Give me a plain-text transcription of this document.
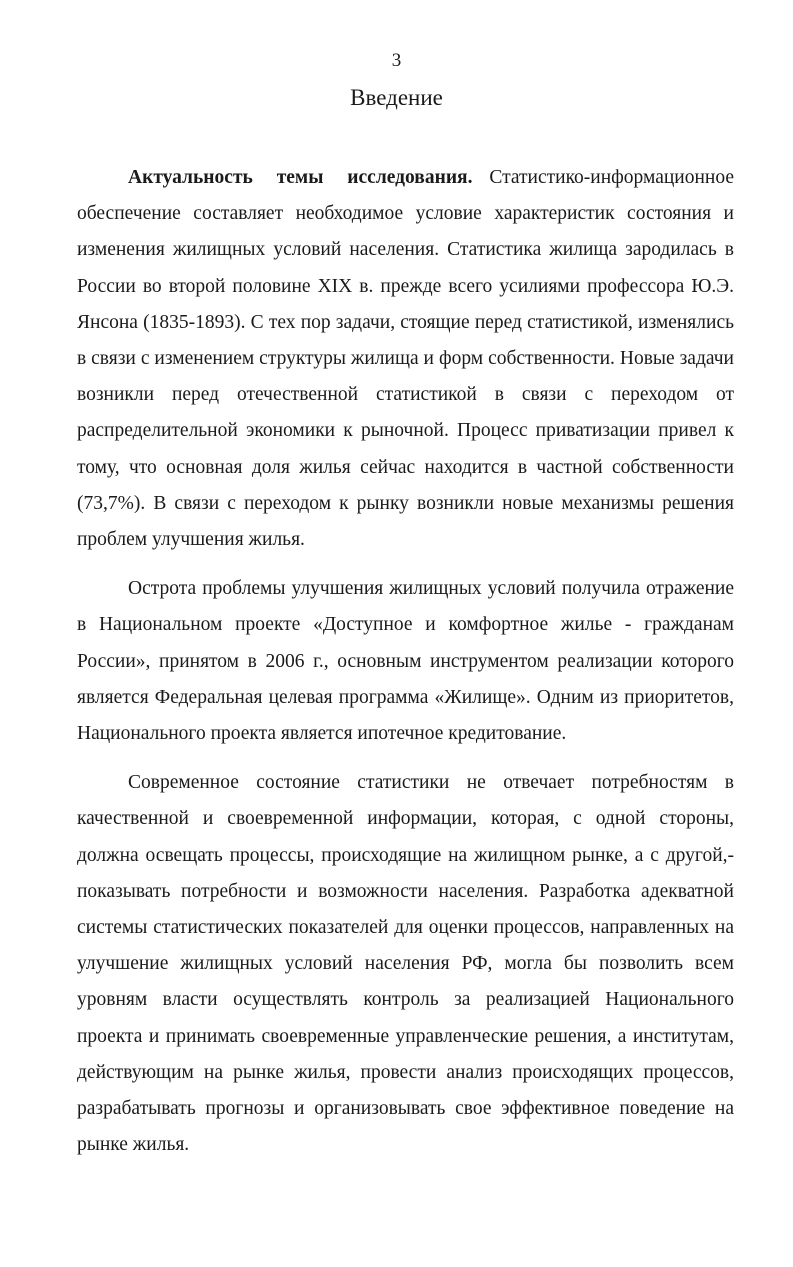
3
Введение

Актуальность темы исследования. Статистико-информационное обеспечение составляет необходимое условие характеристик состояния и изменения жилищных условий населения. Статистика жилища зародилась в России во второй половине XIX в. прежде всего усилиями профессора Ю.Э. Янсона (1835-1893). С тех пор задачи, стоящие перед статистикой, изменялись в связи с изменением структуры жилища и форм собственности. Новые задачи возникли перед отечественной статистикой в связи с переходом от распределительной экономики к рыночной. Процесс приватизации привел к тому, что основная доля жилья сейчас находится в частной собственности (73,7%). В связи с переходом к рынку возникли новые механизмы решения проблем улучшения жилья.

Острота проблемы улучшения жилищных условий получила отражение в Национальном проекте «Доступное и комфортное жилье - гражданам России», принятом в 2006 г., основным инструментом реализации которого является Федеральная целевая программа «Жилище». Одним из приоритетов, Национального проекта является ипотечное кредитование.

Современное состояние статистики не отвечает потребностям в качественной и своевременной информации, которая, с одной стороны, должна освещать процессы, происходящие на жилищном рынке, а с другой,- показывать потребности и возможности населения. Разработка адекватной системы статистических показателей для оценки процессов, направленных на улучшение жилищных условий населения РФ, могла бы позволить всем уровням власти осуществлять контроль за реализацией Национального проекта и принимать своевременные управленческие решения, а институтам, действующим на рынке жилья, провести анализ происходящих процессов, разрабатывать прогнозы и организовывать свое эффективное поведение на рынке жилья.
